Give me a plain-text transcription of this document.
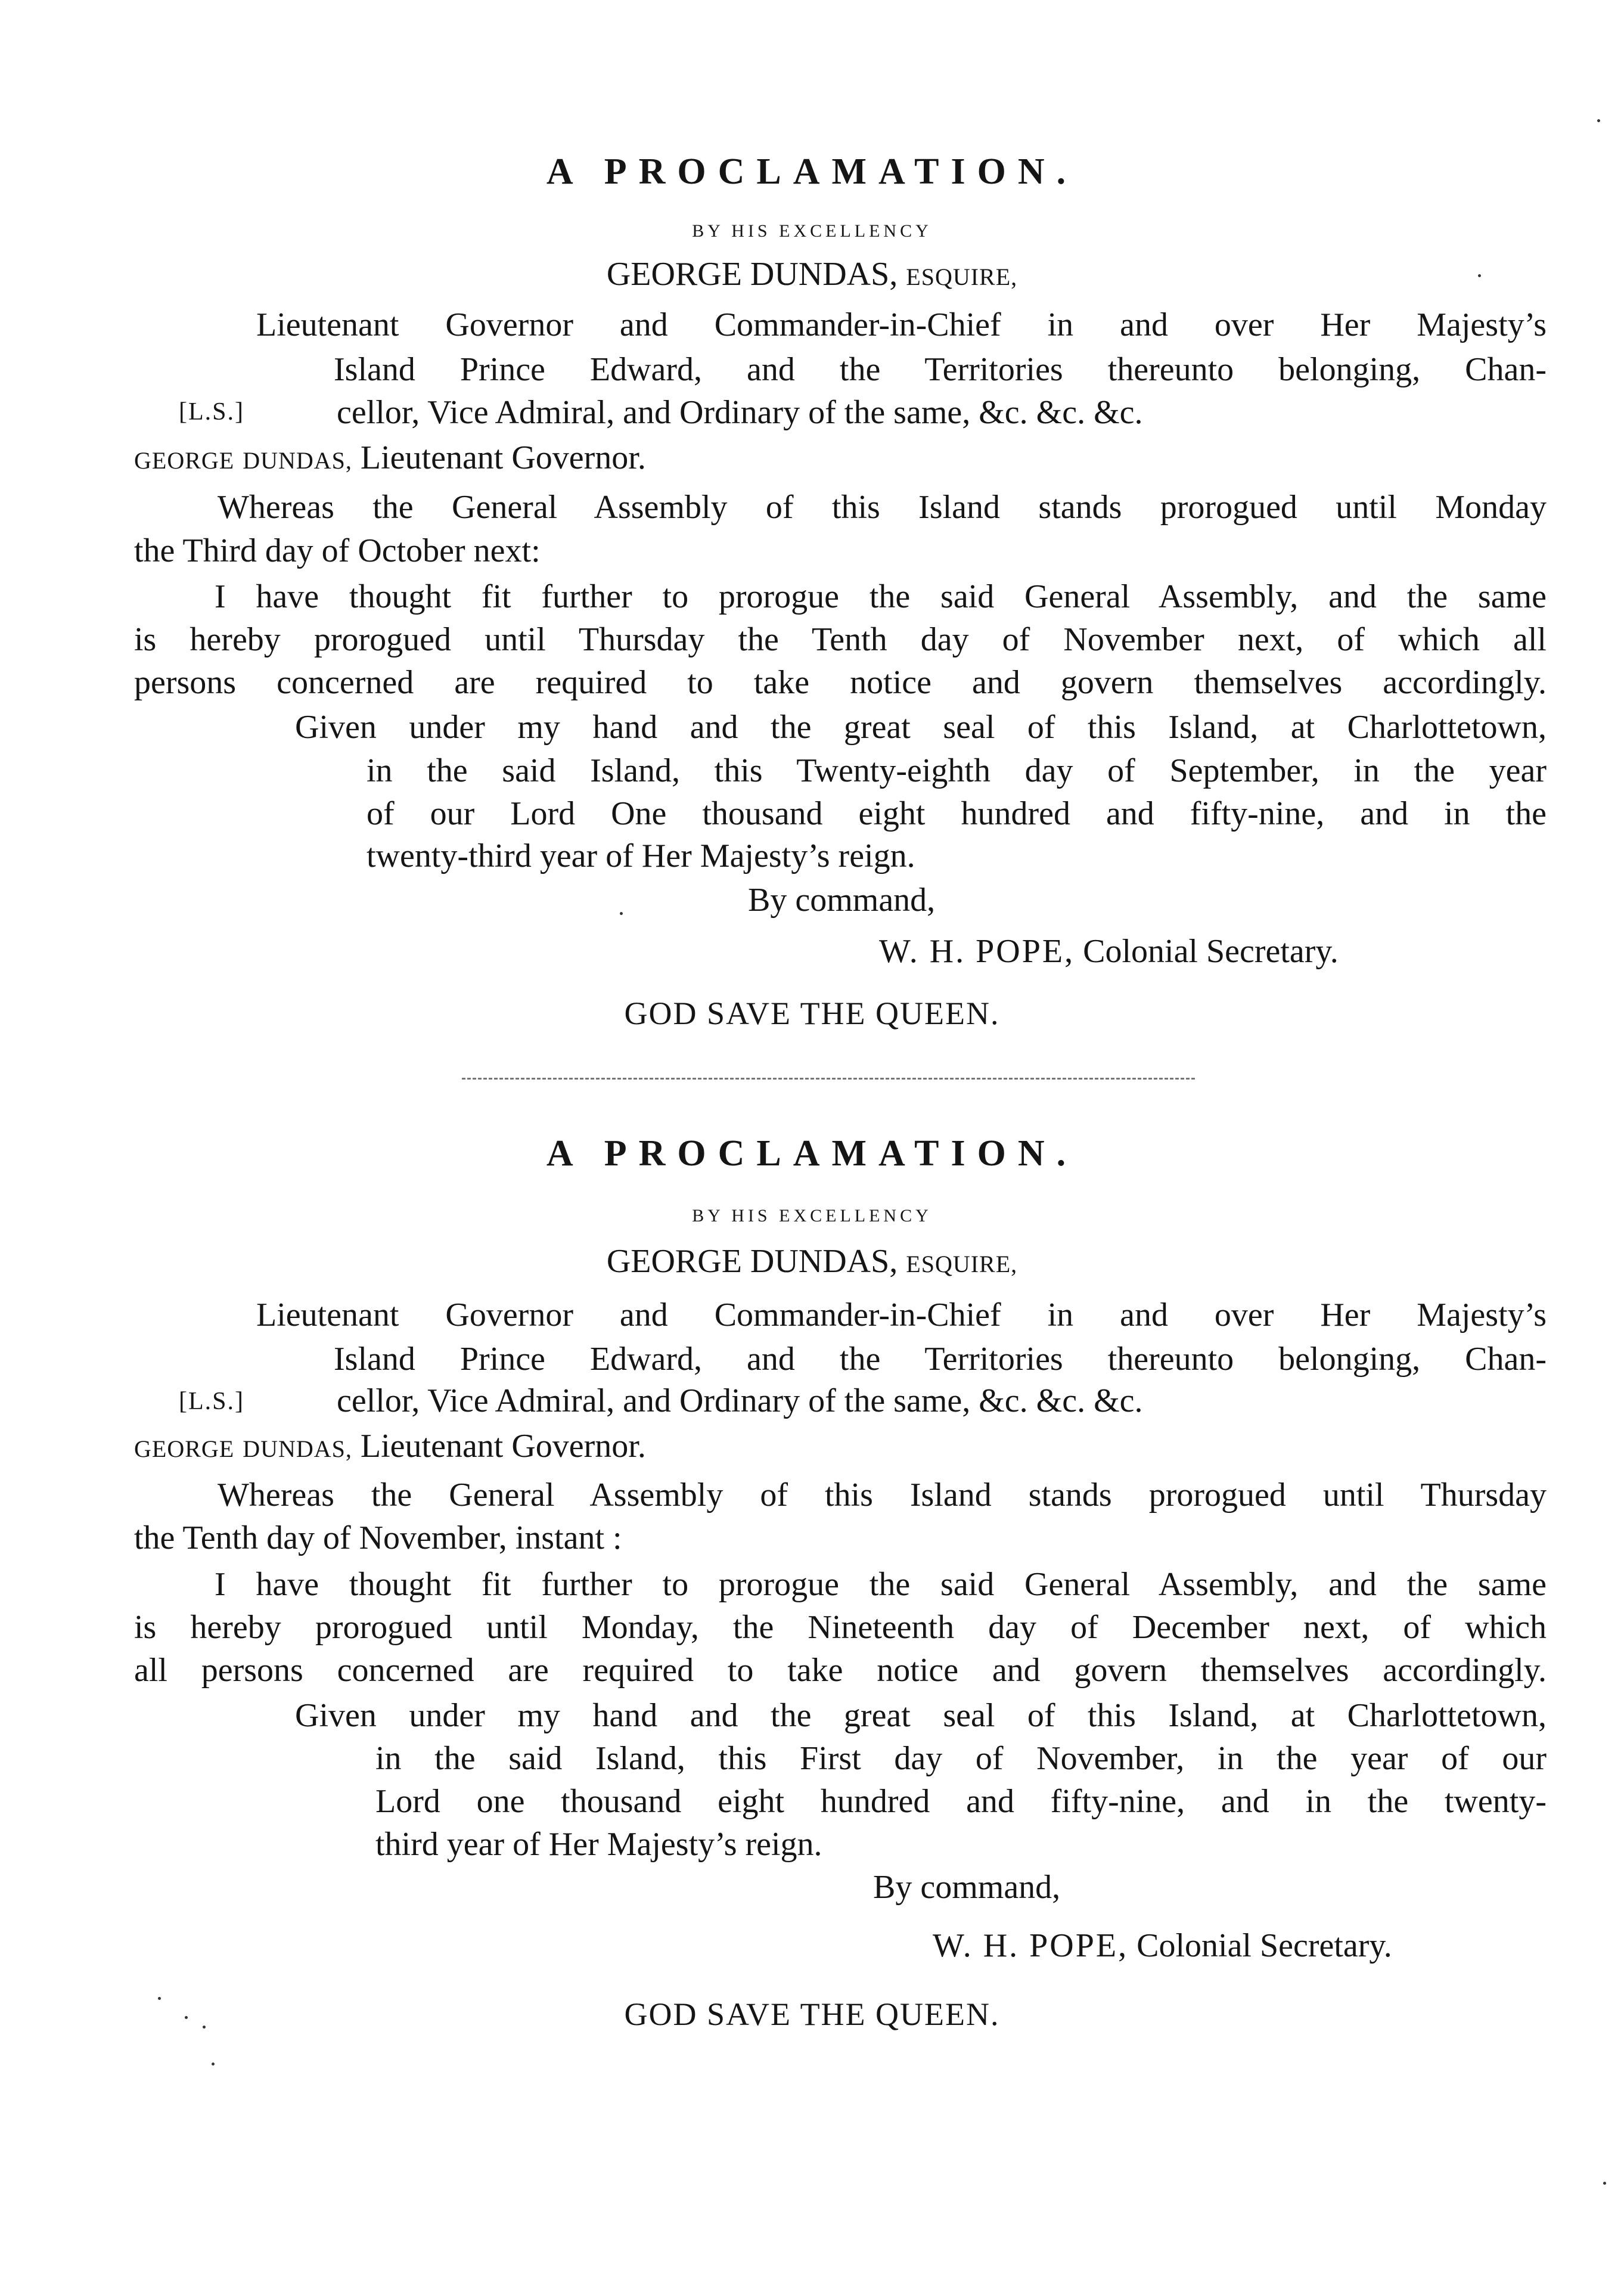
A PROCLAMATION.
BY HIS EXCELLENCY
GEORGE DUNDAS, ESQUIRE,
Lieutenant Governor and Commander-in-Chief in and over Her Majesty’s
Island Prince Edward, and the Territories thereunto belonging, Chan-
[L.S.]	cellor, Vice Admiral, and Ordinary of the same, &c. &c. &c.
GEORGE DUNDAS, Lieutenant Governor.
Whereas the General Assembly of this Island stands prorogued until Monday
the Third day of October next:
I have thought fit further to prorogue the said General Assembly, and the same
is hereby prorogued until Thursday the Tenth day of November next, of which all
persons concerned are required to take notice and govern themselves accordingly.
Given under my hand and the great seal of this Island, at Charlottetown,
in the said Island, this Twenty-eighth day of September, in the year
of our Lord One thousand eight hundred and fifty-nine, and in the
twenty-third year of Her Majesty’s reign.
By command,
W. H. POPE, Colonial Secretary.
GOD SAVE THE QUEEN.
A PROCLAMATION.
BY HIS EXCELLENCY
GEORGE DUNDAS, ESQUIRE,
Lieutenant Governor and Commander-in-Chief in and over Her Majesty’s
Island Prince Edward, and the Territories thereunto belonging, Chan-
[L.S.]	cellor, Vice Admiral, and Ordinary of the same, &c. &c. &c.
GEORGE DUNDAS, Lieutenant Governor.
Whereas the General Assembly of this Island stands prorogued until Thursday
the Tenth day of November, instant :
I have thought fit further to prorogue the said General Assembly, and the same
is hereby prorogued until Monday, the Nineteenth day of December next, of which
all persons concerned are required to take notice and govern themselves accordingly.
Given under my hand and the great seal of this Island, at Charlottetown,
in the said Island, this First day of November, in the year of our
Lord one thousand eight hundred and fifty-nine, and in the twenty-
third year of Her Majesty’s reign.
By command,
W. H. POPE, Colonial Secretary.
GOD SAVE THE QUEEN.
